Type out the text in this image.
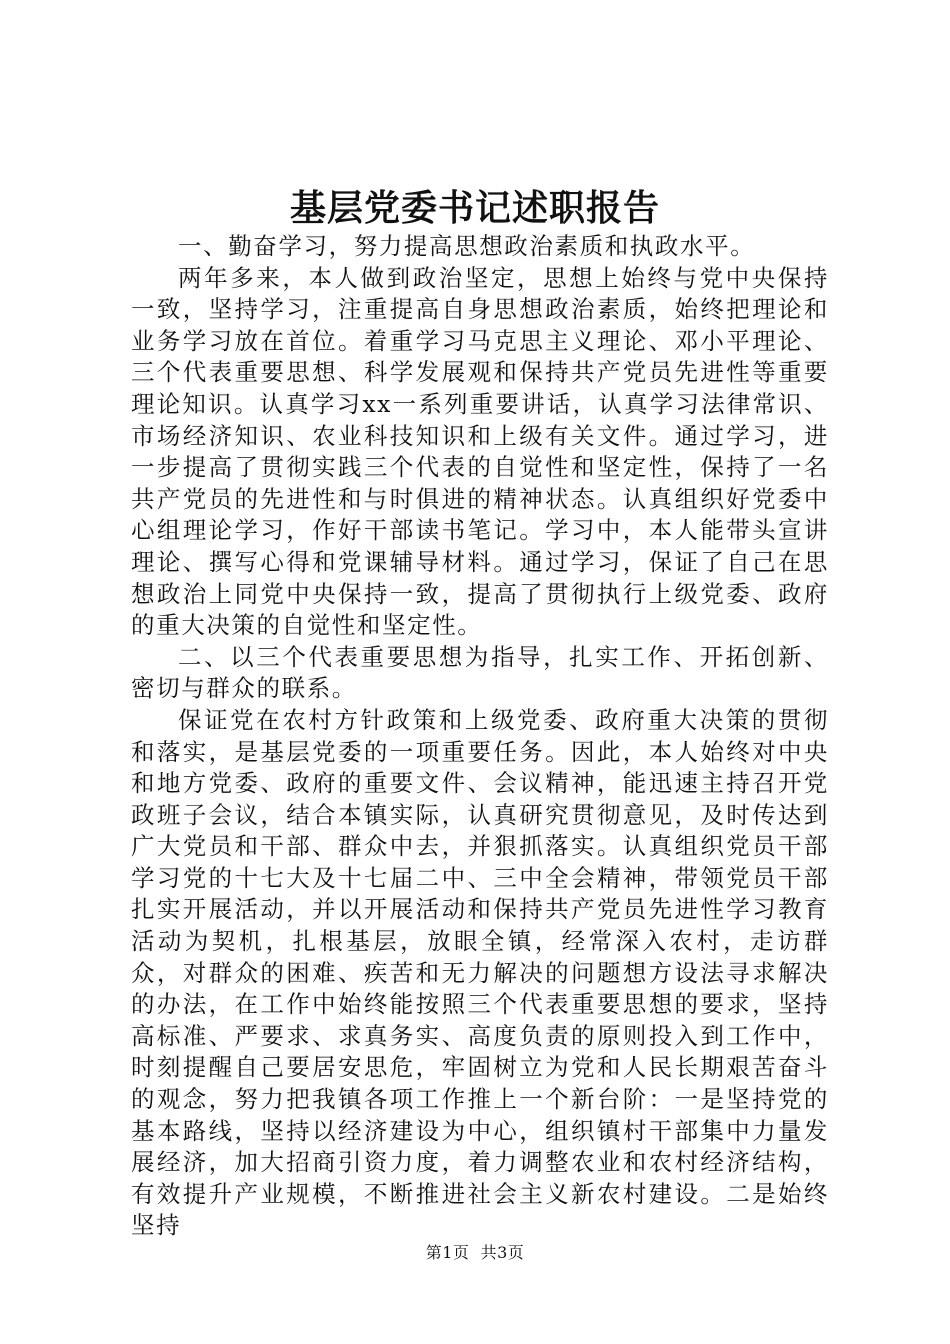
基层党委书记述职报告

一、勤奋学习，努力提高思想政治素质和执政水平。

两年多来，本人做到政治坚定，思想上始终与党中央保持一致，坚持学习，注重提高自身思想政治素质，始终把理论和业务学习放在首位。着重学习马克思主义理论、邓小平理论、三个代表重要思想、科学发展观和保持共产党员先进性等重要理论知识。认真学习xx一系列重要讲话，认真学习法律常识、市场经济知识、农业科技知识和上级有关文件。通过学习，进一步提高了贯彻实践三个代表的自觉性和坚定性，保持了一名共产党员的先进性和与时俱进的精神状态。认真组织好党委中心组理论学习，作好干部读书笔记。学习中，本人能带头宣讲理论、撰写心得和党课辅导材料。通过学习，保证了自己在思想政治上同党中央保持一致，提高了贯彻执行上级党委、政府的重大决策的自觉性和坚定性。

二、以三个代表重要思想为指导，扎实工作、开拓创新、密切与群众的联系。

保证党在农村方针政策和上级党委、政府重大决策的贯彻和落实，是基层党委的一项重要任务。因此，本人始终对中央和地方党委、政府的重要文件、会议精神，能迅速主持召开党政班子会议，结合本镇实际，认真研究贯彻意见，及时传达到广大党员和干部、群众中去，并狠抓落实。认真组织党员干部学习党的十七大及十七届二中、三中全会精神，带领党员干部扎实开展活动，并以开展活动和保持共产党员先进性学习教育活动为契机，扎根基层，放眼全镇，经常深入农村，走访群众，对群众的困难、疾苦和无力解决的问题想方设法寻求解决的办法，在工作中始终能按照三个代表重要思想的要求，坚持高标准、严要求、求真务实、高度负责的原则投入到工作中，时刻提醒自己要居安思危，牢固树立为党和人民长期艰苦奋斗的观念，努力把我镇各项工作推上一个新台阶：一是坚持党的基本路线，坚持以经济建设为中心，组织镇村干部集中力量发展经济，加大招商引资力度，着力调整农业和农村经济结构，有效提升产业规模，不断推进社会主义新农村建设。二是始终坚持

第1页  共3页
